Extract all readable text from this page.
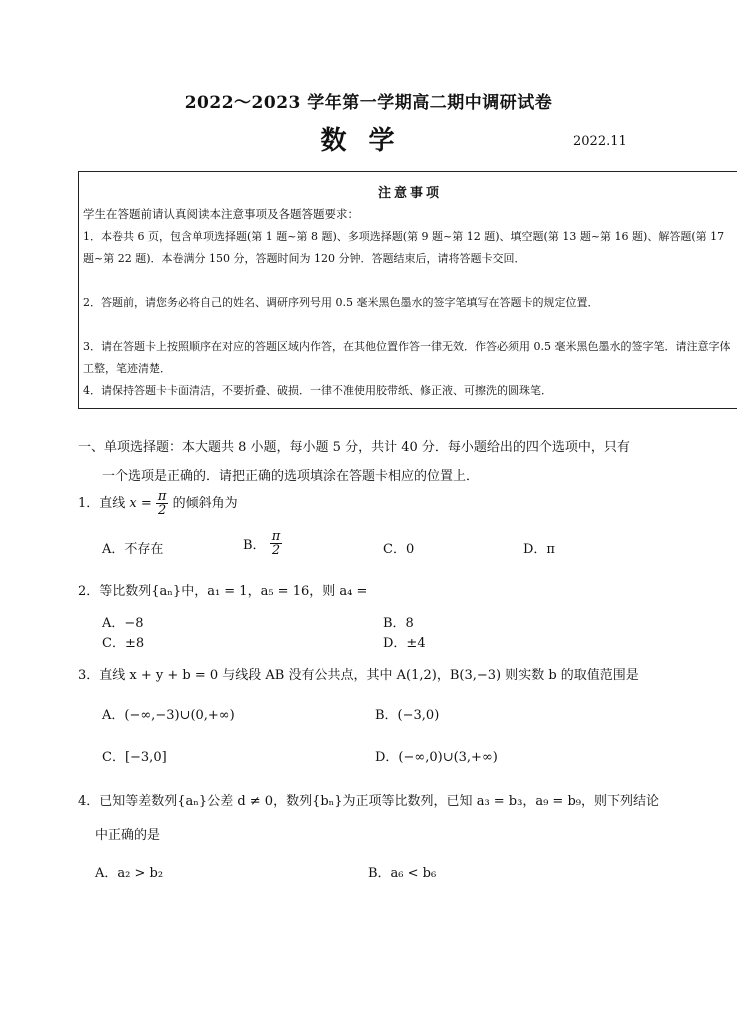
2022～2023 学年第一学期高二期中调研试卷
数学	2022.11
注意事项
学生在答题前请认真阅读本注意事项及各题答题要求：
1．本卷共 6 页，包含单项选择题(第 1 题~第 8 题)、多项选择题(第 9 题~第 12 题)、填空题(第 13 题~第 16 题)、解答题(第 17 题~第 22 题)．本卷满分 150 分，答题时间为 120 分钟．答题结束后，请将答题卡交回．
2．答题前，请您务必将自己的姓名、调研序列号用 0.5 毫米黑色墨水的签字笔填写在答题卡的规定位置．
3．请在答题卡上按照顺序在对应的答题区域内作答，在其他位置作答一律无效．作答必须用 0.5 毫米黑色墨水的签字笔．请注意字体工整，笔迹清楚．
4．请保持答题卡卡面清洁，不要折叠、破损．一律不准使用胶带纸、修正液、可擦洗的圆珠笔．
一、单项选择题：本大题共 8 小题，每小题 5 分，共计 40 分．每小题给出的四个选项中，只有
一个选项是正确的．请把正确的选项填涂在答题卡相应的位置上．
1．直线 $x = \frac{\pi}{2}$ 的倾斜角为
A．不存在	B． $\frac{\pi}{2}$	C．0	D．π
2．等比数列{aₙ}中，a₁ = 1，a₅ = 16，则 a₄ =
A．−8	B．8
C．±8	D．±4
3．直线 x + y + b = 0 与线段 AB 没有公共点，其中 A(1,2)，B(3,−3) 则实数 b 的取值范围是
A．(−∞,−3)∪(0,+∞)	B．(−3,0)
C．[−3,0]	D．(−∞,0)∪(3,+∞)
4．已知等差数列{aₙ}公差 d ≠ 0，数列{bₙ}为正项等比数列，已知 a₃ = b₃，a₉ = b₉，则下列结论
中正确的是
A．a₂ > b₂	B．a₆ < b₆
